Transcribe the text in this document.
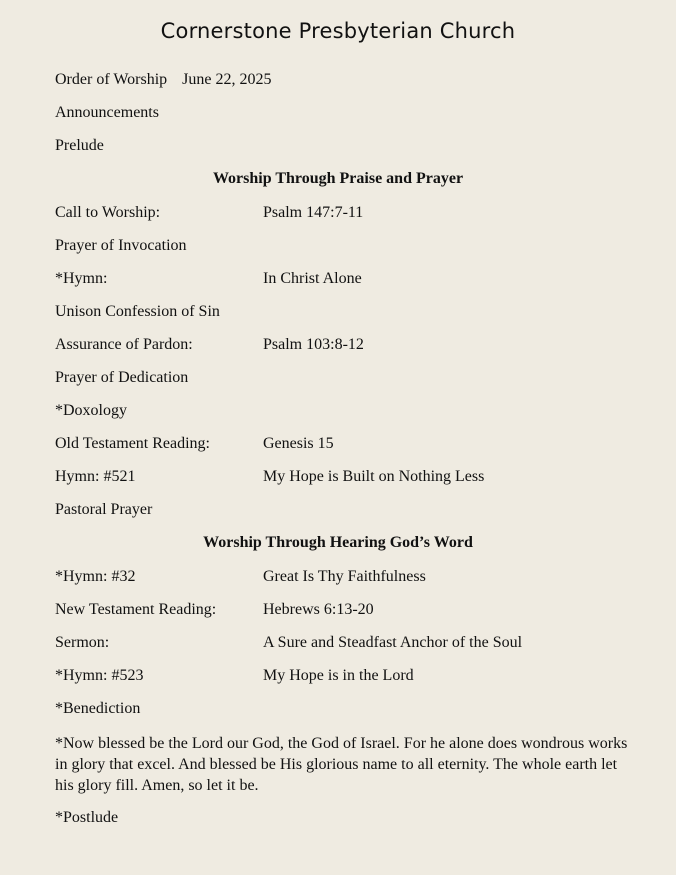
Cornerstone Presbyterian Church
Order of Worship June 22, 2025
Announcements
Prelude
Worship Through Praise and Prayer
Call to Worship:	Psalm 147:7-11
Prayer of Invocation
*Hymn:	In Christ Alone
Unison Confession of Sin
Assurance of Pardon:	Psalm 103:8-12
Prayer of Dedication
*Doxology
Old Testament Reading:	Genesis 15
Hymn: #521	My Hope is Built on Nothing Less
Pastoral Prayer
Worship Through Hearing God’s Word
*Hymn: #32	Great Is Thy Faithfulness
New Testament Reading:	Hebrews 6:13-20
Sermon:	A Sure and Steadfast Anchor of the Soul
*Hymn: #523	My Hope is in the Lord
*Benediction
*Now blessed be the Lord our God, the God of Israel. For he alone does wondrous works in glory that excel. And blessed be His glorious name to all eternity. The whole earth let his glory fill. Amen, so let it be.
*Postlude
